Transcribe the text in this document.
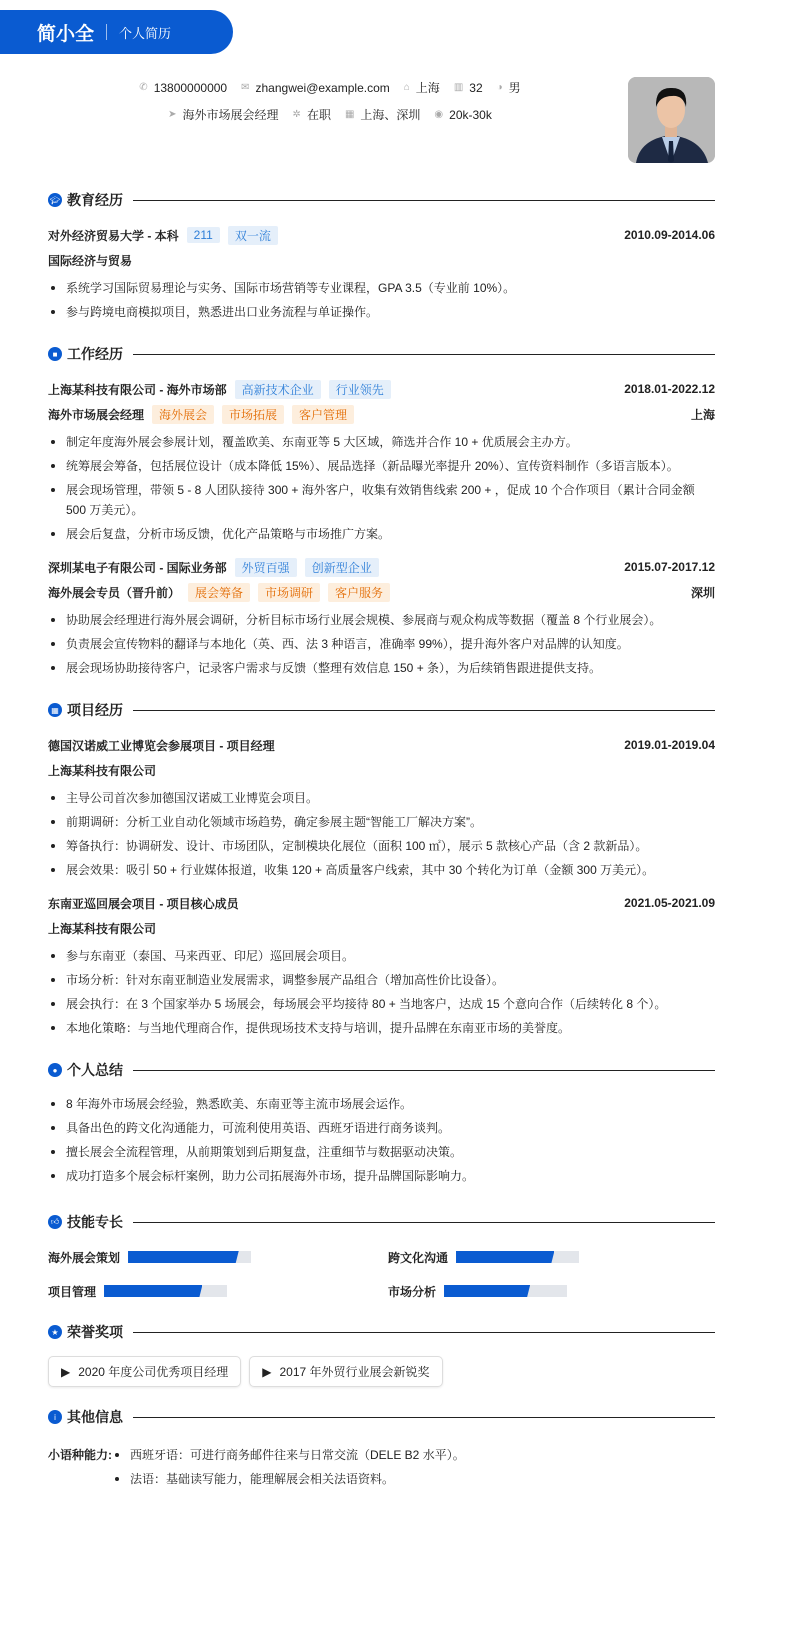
简小全 个人简历
✆ 13800000000 ✉ zhangwei@example.com ⌂ 上海 ▥ 32 ◑ 男
➤ 海外市场展会经理 ✲ 在职 ▦ 上海、深圳 ◉ 20k-30k
🎓︎ 教育经历
对外经济贸易大学 - 本科	211	双一流	2010.09-2014.06
国际经济与贸易
系统学习国际贸易理论与实务、国际市场营销等专业课程，GPA 3.5（专业前 10%）。
参与跨境电商模拟项目，熟悉进出口业务流程与单证操作。
■ 工作经历
上海某科技有限公司 - 海外市场部	高新技术企业	行业领先	2018.01-2022.12
海外市场展会经理	海外展会	市场拓展	客户管理	上海
制定年度海外展会参展计划，覆盖欧美、东南亚等 5 大区域，筛选并合作 10 + 优质展会主办方。
统筹展会筹备，包括展位设计（成本降低 15%）、展品选择（新品曝光率提升 20%）、宣传资料制作（多语言版本）。
展会现场管理，带领 5 - 8 人团队接待 300 + 海外客户，收集有效销售线索 200 + ，促成 10 个合作项目（累计合同金额 500 万美元）。
展会后复盘，分析市场反馈，优化产品策略与市场推广方案。
深圳某电子有限公司 - 国际业务部	外贸百强	创新型企业	2015.07-2017.12
海外展会专员（晋升前）	展会筹备	市场调研	客户服务	深圳
协助展会经理进行海外展会调研，分析目标市场行业展会规模、参展商与观众构成等数据（覆盖 8 个行业展会）。
负责展会宣传物料的翻译与本地化（英、西、法 3 种语言，准确率 99%），提升海外客户对品牌的认知度。
展会现场协助接待客户，记录客户需求与反馈（整理有效信息 150 + 条），为后续销售跟进提供支持。
▦ 项目经历
德国汉诺威工业博览会参展项目 - 项目经理	2019.01-2019.04
上海某科技有限公司
主导公司首次参加德国汉诺威工业博览会项目。
前期调研：分析工业自动化领域市场趋势，确定参展主题“智能工厂解决方案”。
筹备执行：协调研发、设计、市场团队，定制模块化展位（面积 100 ㎡），展示 5 款核心产品（含 2 款新品）。
展会效果：吸引 50 + 行业媒体报道，收集 120 + 高质量客户线索，其中 30 个转化为订单（金额 300 万美元）。
东南亚巡回展会项目 - 项目核心成员	2021.05-2021.09
上海某科技有限公司
参与东南亚（泰国、马来西亚、印尼）巡回展会项目。
市场分析：针对东南亚制造业发展需求，调整参展产品组合（增加高性价比设备）。
展会执行：在 3 个国家举办 5 场展会，每场展会平均接待 80 + 当地客户，达成 15 个意向合作（后续转化 8 个）。
本地化策略：与当地代理商合作，提供现场技术支持与培训，提升品牌在东南亚市场的美誉度。
● 个人总结
8 年海外市场展会经验，熟悉欧美、东南亚等主流市场展会运作。
具备出色的跨文化沟通能力，可流利使用英语、西班牙语进行商务谈判。
擅长展会全流程管理，从前期策划到后期复盘，注重细节与数据驱动决策。
成功打造多个展会标杆案例，助力公司拓展海外市场，提升品牌国际影响力。
👍︎ 技能专长
海外展会策划	跨文化沟通
项目管理	市场分析
★ 荣誉奖项
▶ 2020 年度公司优秀项目经理	▶ 2017 年外贸行业展会新锐奖
i 其他信息
小语种能力:	西班牙语：可进行商务邮件往来与日常交流（DELE B2 水平）。
法语：基础读写能力，能理解展会相关法语资料。
